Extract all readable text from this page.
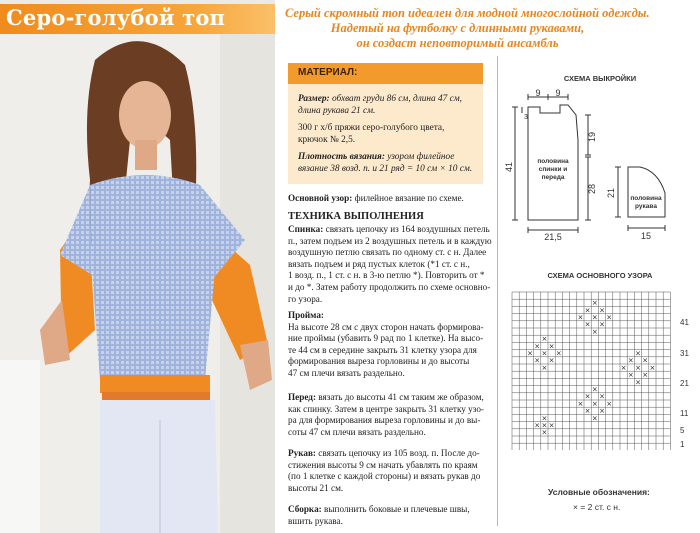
Серо-голубой топ	Серый скромный топ идеален для модной многослойной одежды.
Надетый на футболку с длинными рукавами,
он создаст неповторимый ансамбль
МАТЕРИАЛ:
Размер: обхват груди 86 см, длина 47 см,
длина рукава 21 см.
300 г х/б пряжи серо-голубого цвета,
крючок № 2,5.
Плотность вязания: узором филейное
вязание 38 возд. п. и 21 ряд = 10 см × 10 см.
Основной узор: филейное вязание по схеме.
ТЕХНИКА ВЫПОЛНЕНИЯ
Спинка: связать цепочку из 164 воздушных петель
п., затем подъем из 2 воздушных петель и в каждую
воздушную петлю связать по одному ст. с н. Далее
вязать подъем и ряд пустых клеток (*1 ст. с н.,
1 возд. п., 1 ст. с н. в 3-ю петлю *). Повторить от *
и до *. Затем работу продолжить по схеме основно-
го узора.
Пройма:
На высоте 28 см с двух сторон начать формирова-
ние проймы (убавить 9 рад по 1 клетке). На высо-
те 44 см в середине закрыть 31 клетку узора для
формирования выреза горловины и до высоты
47 см плечи вязать раздельно.
Перед: вязать до высоты 41 см таким же образом,
как спинку. Затем в центре закрыть 31 клетку узо-
ра для формирования выреза горловины и до вы-
соты 47 см плечи вязать раздельно.
Рукав: связать цепочку из 105 возд. п. После до-
стижения высоты 9 см начать убавлять по краям
(по 1 клетке с каждой стороны) и вязать рукав до
высоты 21 см.
Сборка: выполнить боковые и плечевые швы,
вшить рукава.
СХЕМА ВЫКРОЙКИ
9 9
3
41
19
28
21,5
21
15
половина
спинки и
переда
половина
рукава
СХЕМА ОСНОВНОГО УЗОРА
×
× ×
× × ×
× ×
×
×
× ×
× × ×
× ×
×
×
× ×
× × ×
× ×
×
×
× ×
× × ×
× ×
×
×
× × ×
×
41
31
21
11
5
1
Условные обозначения:
× = 2 ст. с н.
